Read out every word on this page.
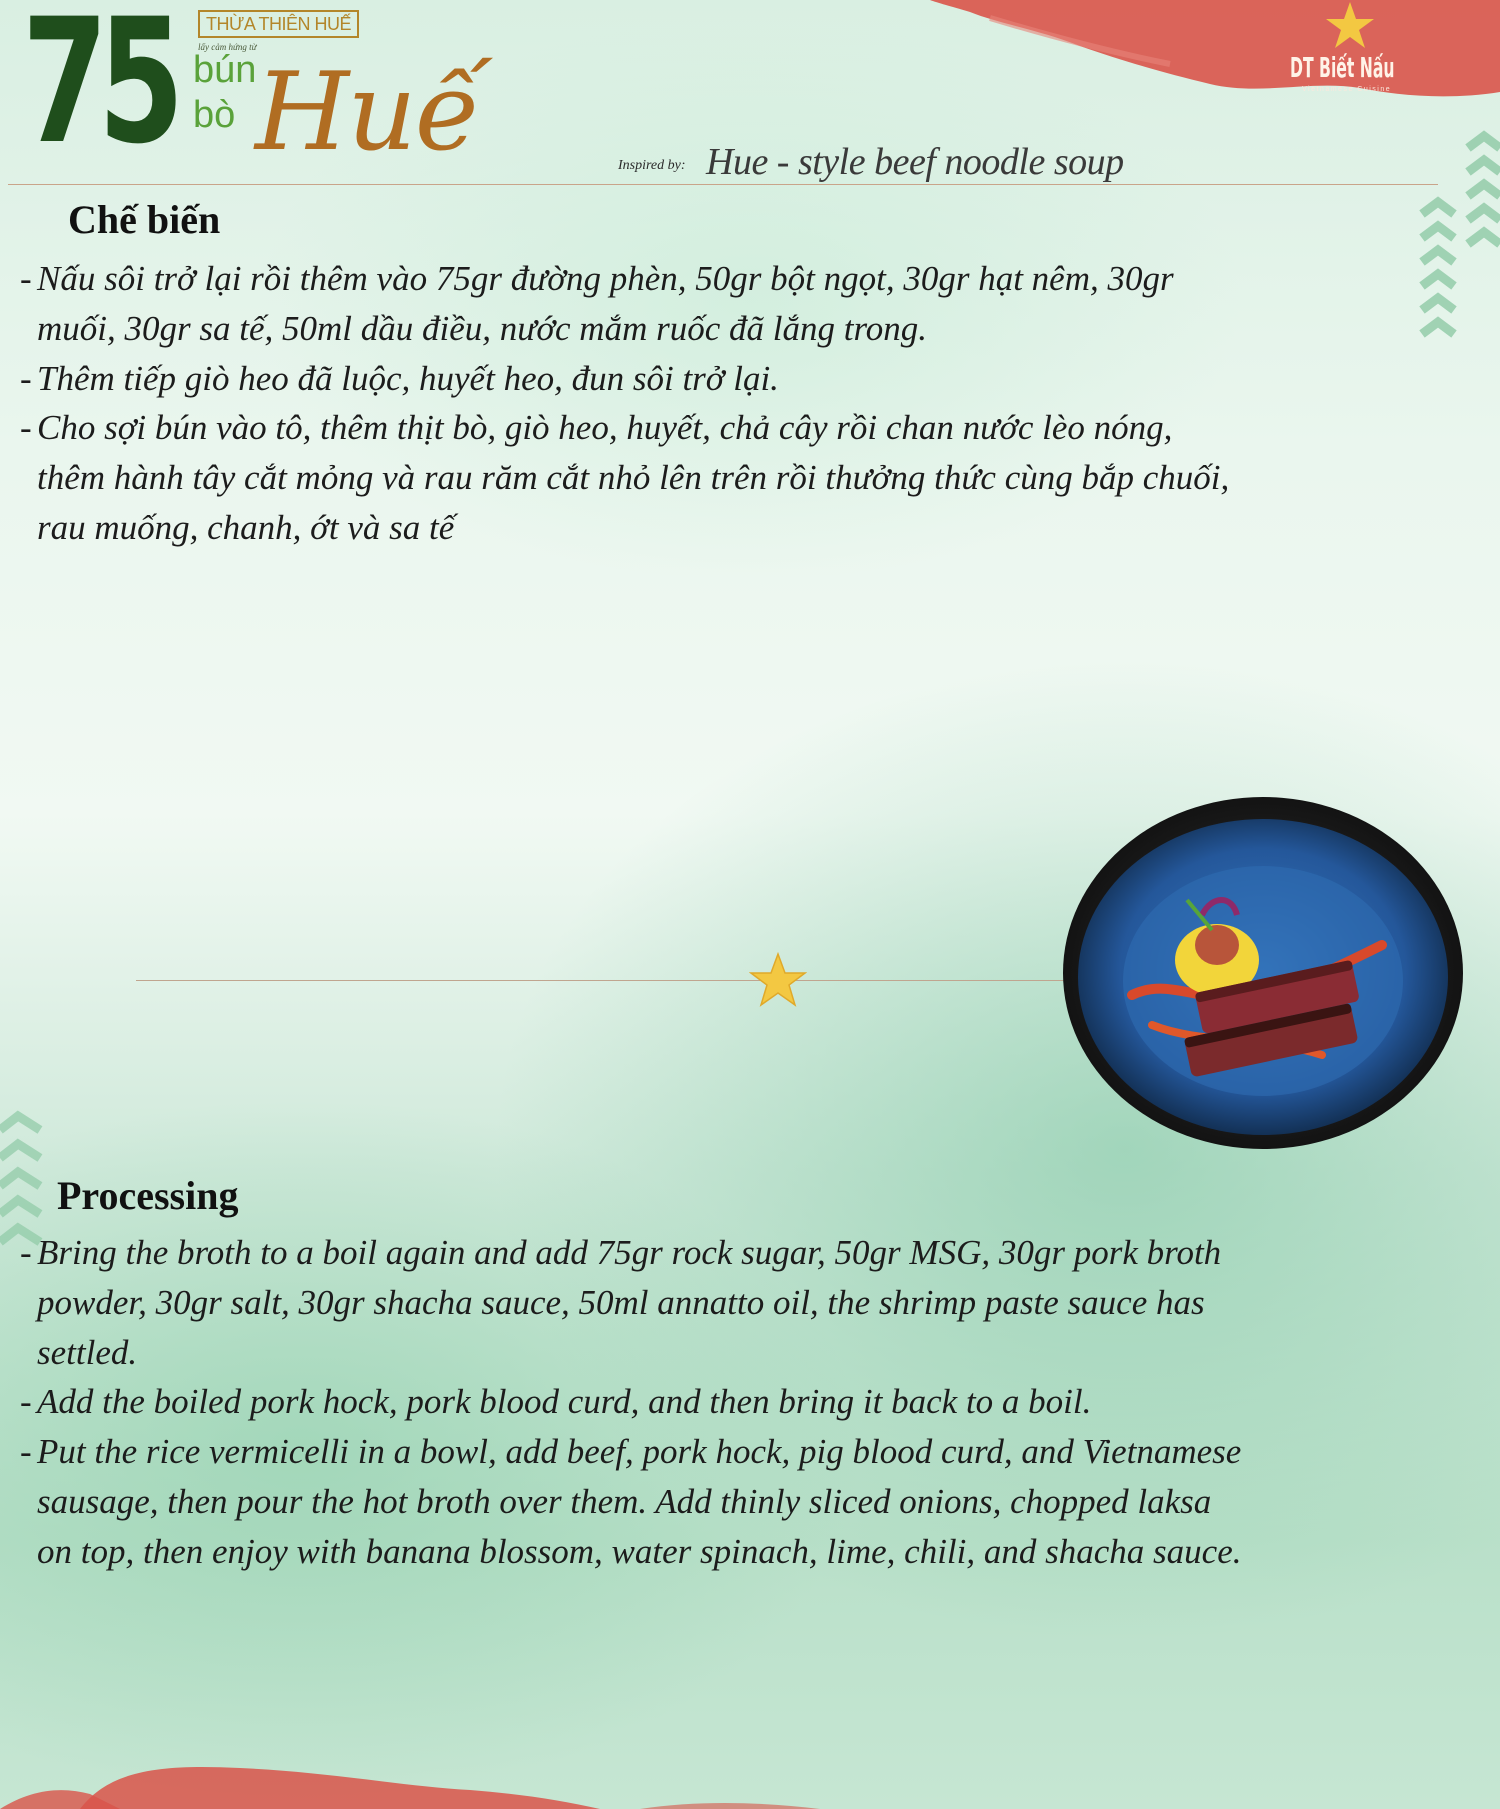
DT Biết Nấu
Vietnamese Cuisine
75	THỪA THIÊN HUẾ
lấy cảm hứng từ
bún
bò Huế	Inspired by: Hue - style beef noodle soup
Chế biến
- Nấu sôi trở lại rồi thêm vào 75gr đường phèn, 50gr bột ngọt, 30gr hạt nêm, 30gr
muối, 30gr sa tế, 50ml dầu điều, nước mắm ruốc đã lắng trong.
- Thêm tiếp giò heo đã luộc, huyết heo, đun sôi trở lại.
- Cho sợi bún vào tô, thêm thịt bò, giò heo, huyết, chả cây rồi chan nước lèo nóng,
thêm hành tây cắt mỏng và rau răm cắt nhỏ lên trên rồi thưởng thức cùng bắp chuối,
rau muống, chanh, ớt và sa tế
Processing
- Bring the broth to a boil again and add 75gr rock sugar, 50gr MSG, 30gr pork broth
powder, 30gr salt, 30gr shacha sauce, 50ml annatto oil, the shrimp paste sauce has
settled.
- Add the boiled pork hock, pork blood curd, and then bring it back to a boil.
- Put the rice vermicelli in a bowl, add beef, pork hock, pig blood curd, and Vietnamese
sausage, then pour the hot broth over them. Add thinly sliced onions, chopped laksa
on top, then enjoy with banana blossom, water spinach, lime, chili, and shacha sauce.
